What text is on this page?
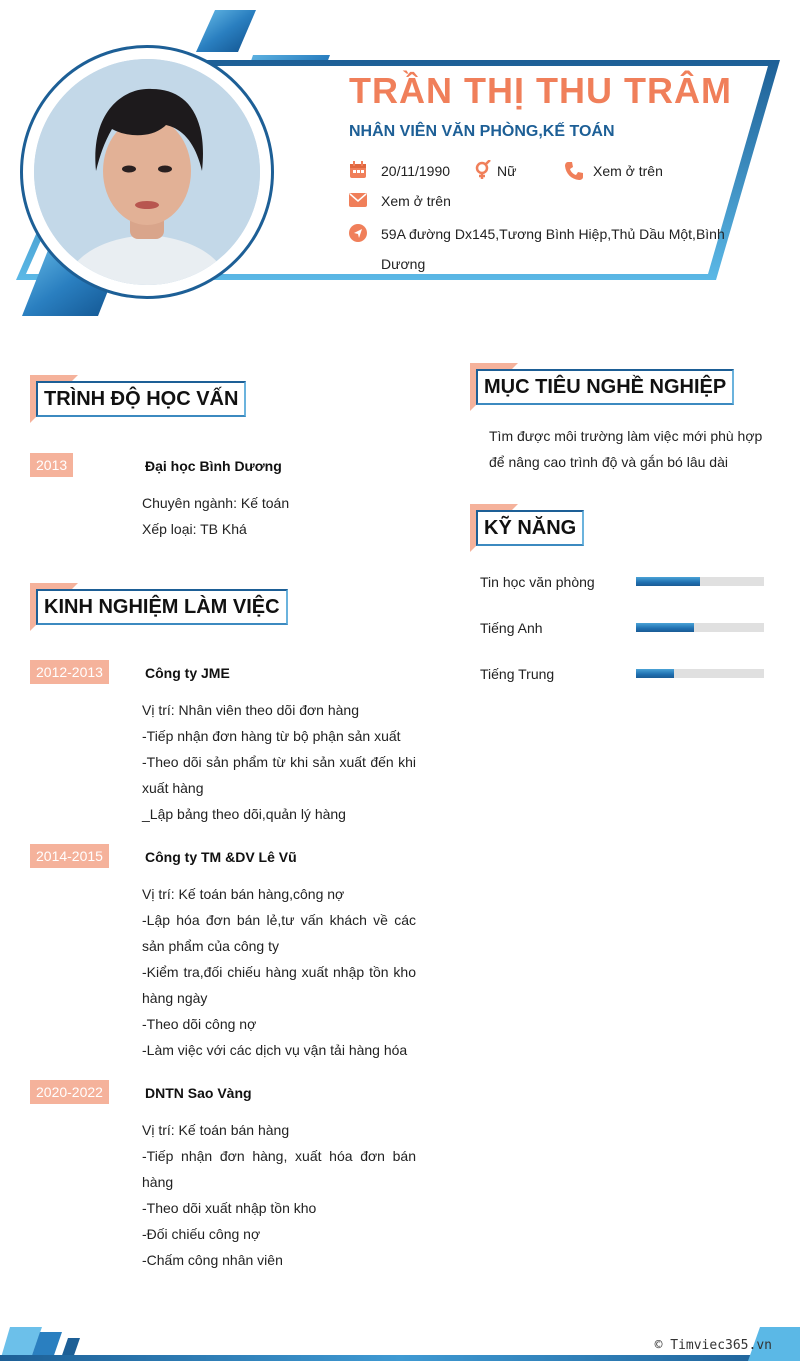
TRẦN THỊ THU TRÂM
NHÂN VIÊN VĂN PHÒNG,KẾ TOÁN
20/11/1990	Nữ	Xem ở trên
Xem ở trên
59A đường Dx145,Tương Bình Hiệp,Thủ Dầu Một,Bình
Dương
TRÌNH ĐỘ HỌC VẤN
2013	Đại học Bình Dương
Chuyên ngành: Kế toán
Xếp loại: TB Khá
KINH NGHIỆM LÀM VIỆC
2012-2013	Công ty JME
Vị trí: Nhân viên theo dõi đơn hàng
-Tiếp nhận đơn hàng từ bộ phận sản xuất
-Theo dõi sản phẩm từ khi sản xuất đến khi xuất hàng
_Lập bảng theo dõi,quản lý hàng
2014-2015	Công ty TM &DV Lê Vũ
Vị trí: Kế toán bán hàng,công nợ
-Lập hóa đơn bán lẻ,tư vấn khách về các sản phẩm của công ty
-Kiểm tra,đối chiếu hàng xuất nhập tồn kho hàng ngày
-Theo dõi công nợ
-Làm việc với các dịch vụ vận tải hàng hóa
2020-2022	DNTN Sao Vàng
Vị trí: Kế toán bán hàng
-Tiếp nhận đơn hàng, xuất hóa đơn bán hàng
-Theo dõi xuất nhập tồn kho
-Đối chiếu công nợ
-Chấm công nhân viên
MỤC TIÊU NGHỀ NGHIỆP
Tìm được môi trường làm việc mới phù hợp để nâng cao trình độ và gắn bó lâu dài
KỸ NĂNG
Tin học văn phòng
Tiếng Anh
Tiếng Trung
© Timviec365.vn
